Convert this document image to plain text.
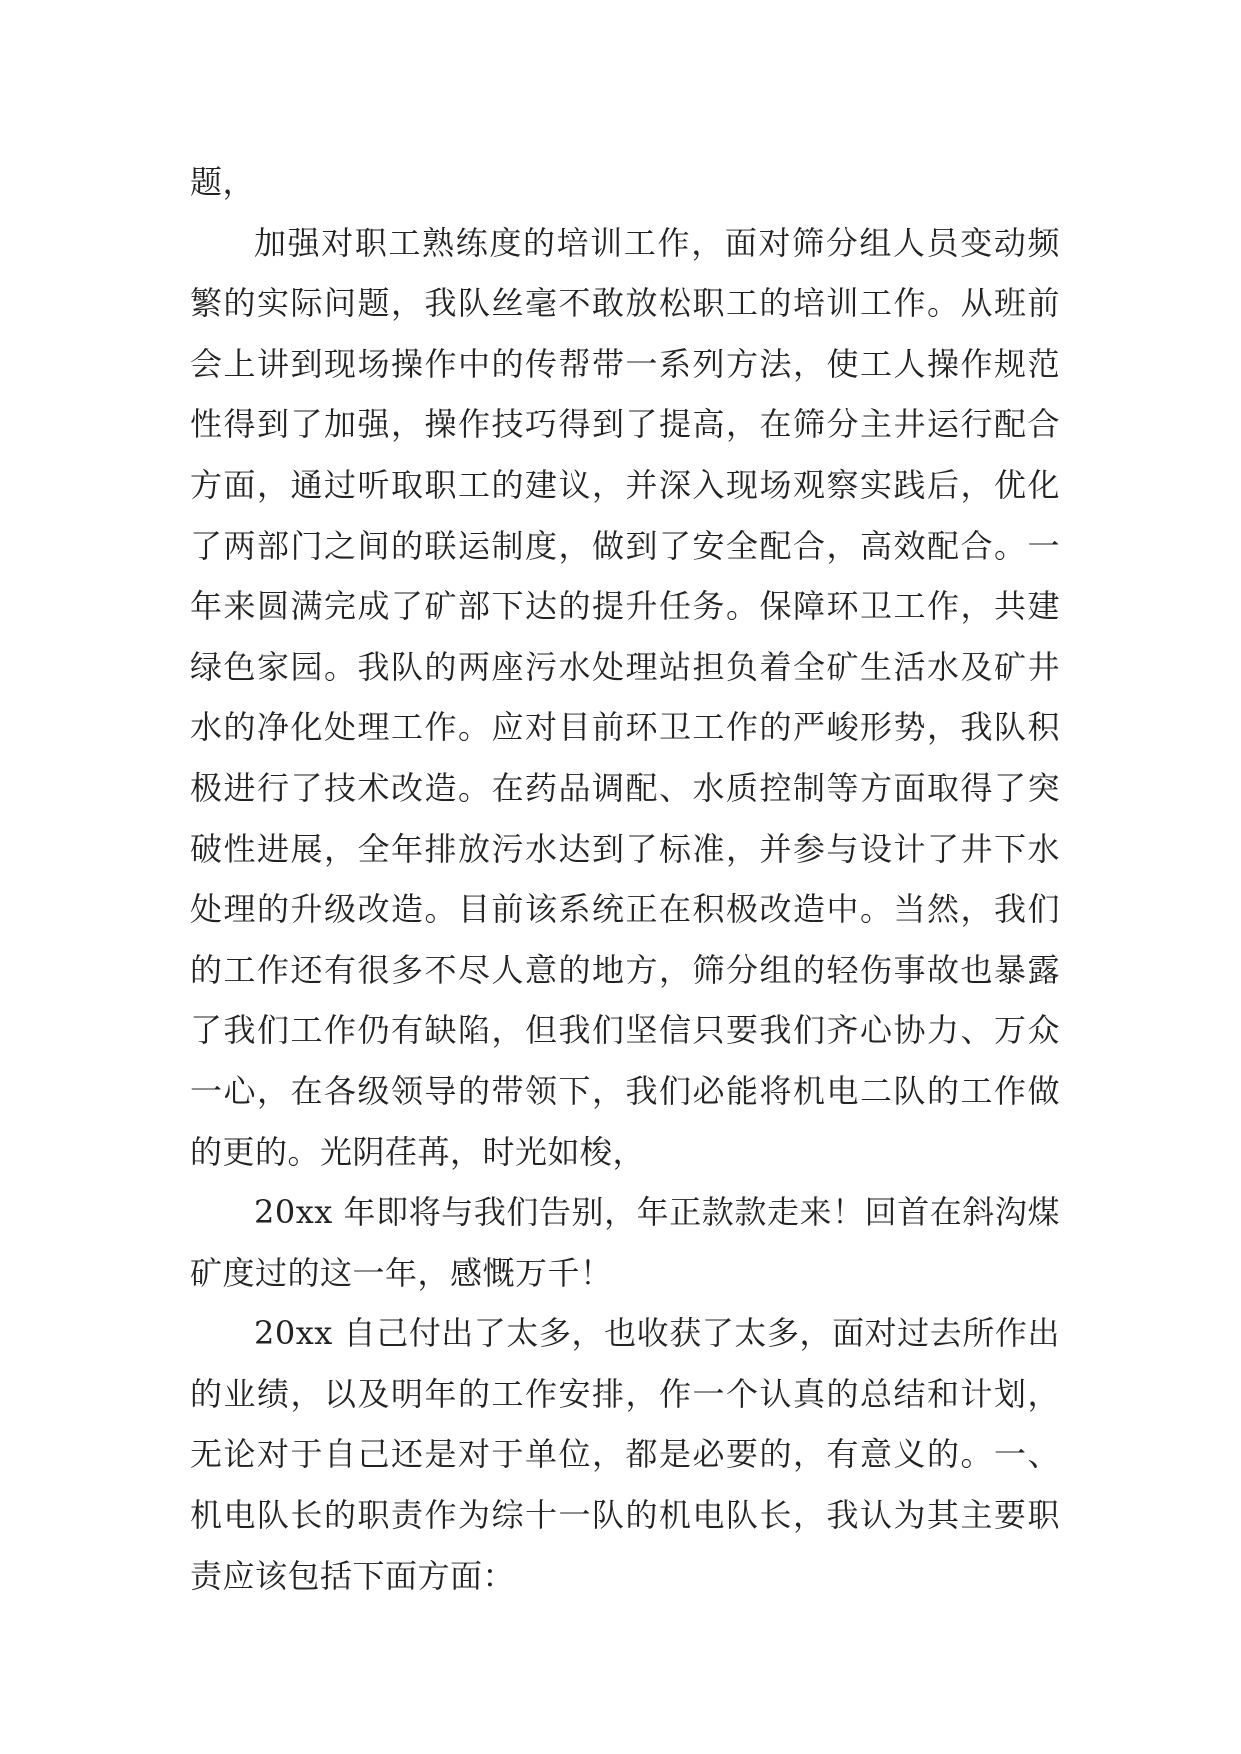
题，

加强对职工熟练度的培训工作，面对筛分组人员变动频繁的实际问题，我队丝毫不敢放松职工的培训工作。从班前会上讲到现场操作中的传帮带一系列方法，使工人操作规范性得到了加强，操作技巧得到了提高，在筛分主井运行配合方面，通过听取职工的建议，并深入现场观察实践后，优化了两部门之间的联运制度，做到了安全配合，高效配合。一年来圆满完成了矿部下达的提升任务。保障环卫工作，共建绿色家园。我队的两座污水处理站担负着全矿生活水及矿井水的净化处理工作。应对目前环卫工作的严峻形势，我队积极进行了技术改造。在药品调配、水质控制等方面取得了突破性进展，全年排放污水达到了标准，并参与设计了井下水处理的升级改造。目前该系统正在积极改造中。当然，我们的工作还有很多不尽人意的地方，筛分组的轻伤事故也暴露了我们工作仍有缺陷，但我们坚信只要我们齐心协力、万众一心，在各级领导的带领下，我们必能将机电二队的工作做的更的。光阴荏苒，时光如梭，

20xx 年即将与我们告别，年正款款走来！回首在斜沟煤矿度过的这一年，感慨万千！

20xx 自己付出了太多，也收获了太多，面对过去所作出的业绩，以及明年的工作安排，作一个认真的总结和计划，无论对于自己还是对于单位，都是必要的，有意义的。一、机电队长的职责作为综十一队的机电队长，我认为其主要职责应该包括下面方面：
